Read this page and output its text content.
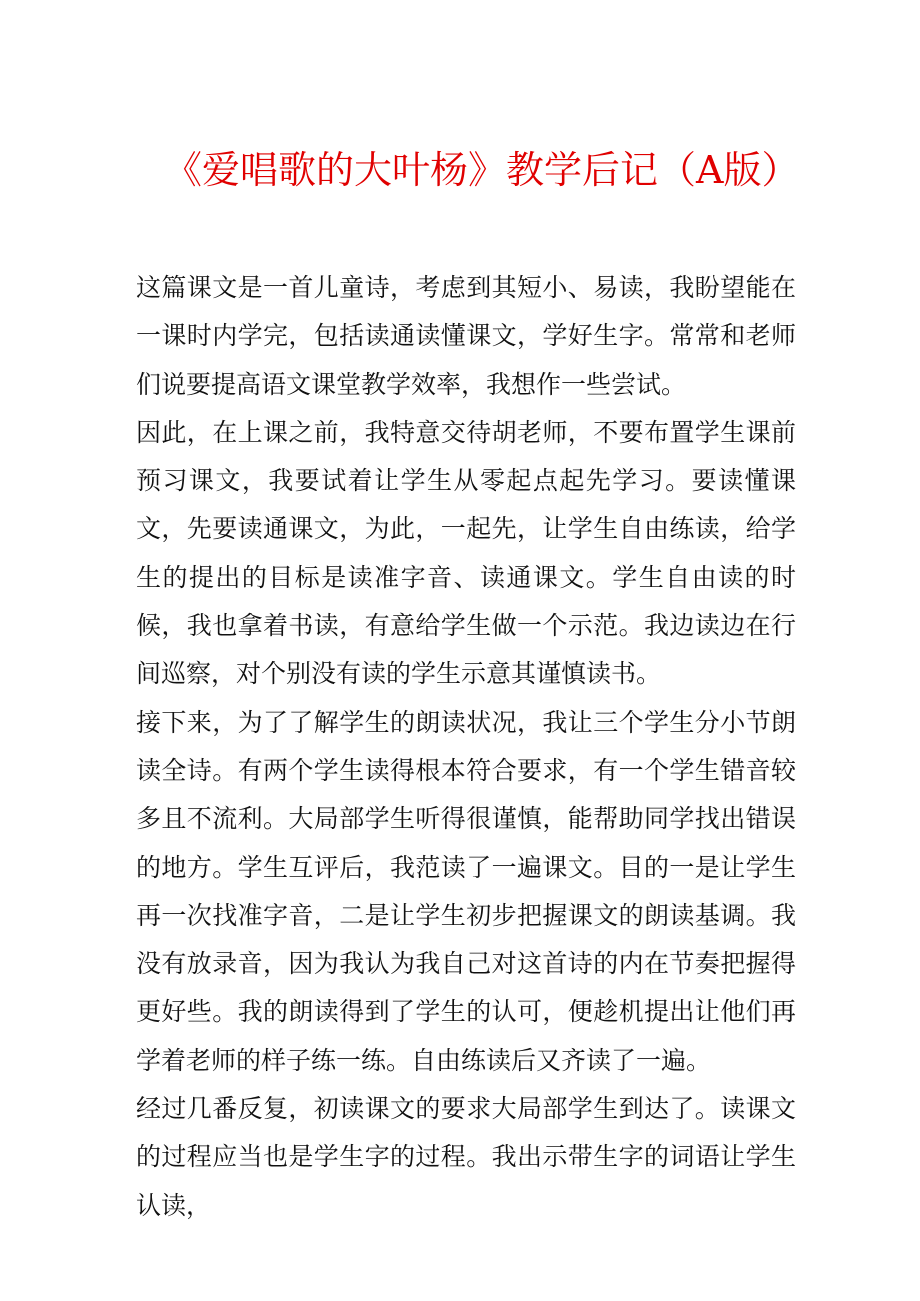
《爱唱歌的大叶杨》教学后记（A版）

这篇课文是一首儿童诗，考虑到其短小、易读，我盼望能在一课时内学完，包括读通读懂课文，学好生字。常常和老师们说要提高语文课堂教学效率，我想作一些尝试。

因此，在上课之前，我特意交待胡老师，不要布置学生课前预习课文，我要试着让学生从零起点起先学习。要读懂课文，先要读通课文，为此，一起先，让学生自由练读，给学生的提出的目标是读准字音、读通课文。学生自由读的时候，我也拿着书读，有意给学生做一个示范。我边读边在行间巡察，对个别没有读的学生示意其谨慎读书。

接下来，为了了解学生的朗读状况，我让三个学生分小节朗读全诗。有两个学生读得根本符合要求，有一个学生错音较多且不流利。大局部学生听得很谨慎，能帮助同学找出错误的地方。学生互评后，我范读了一遍课文。目的一是让学生再一次找准字音，二是让学生初步把握课文的朗读基调。我没有放录音，因为我认为我自己对这首诗的内在节奏把握得更好些。我的朗读得到了学生的认可，便趁机提出让他们再学着老师的样子练一练。自由练读后又齐读了一遍。

经过几番反复，初读课文的要求大局部学生到达了。读课文的过程应当也是学生字的过程。我出示带生字的词语让学生认读，
